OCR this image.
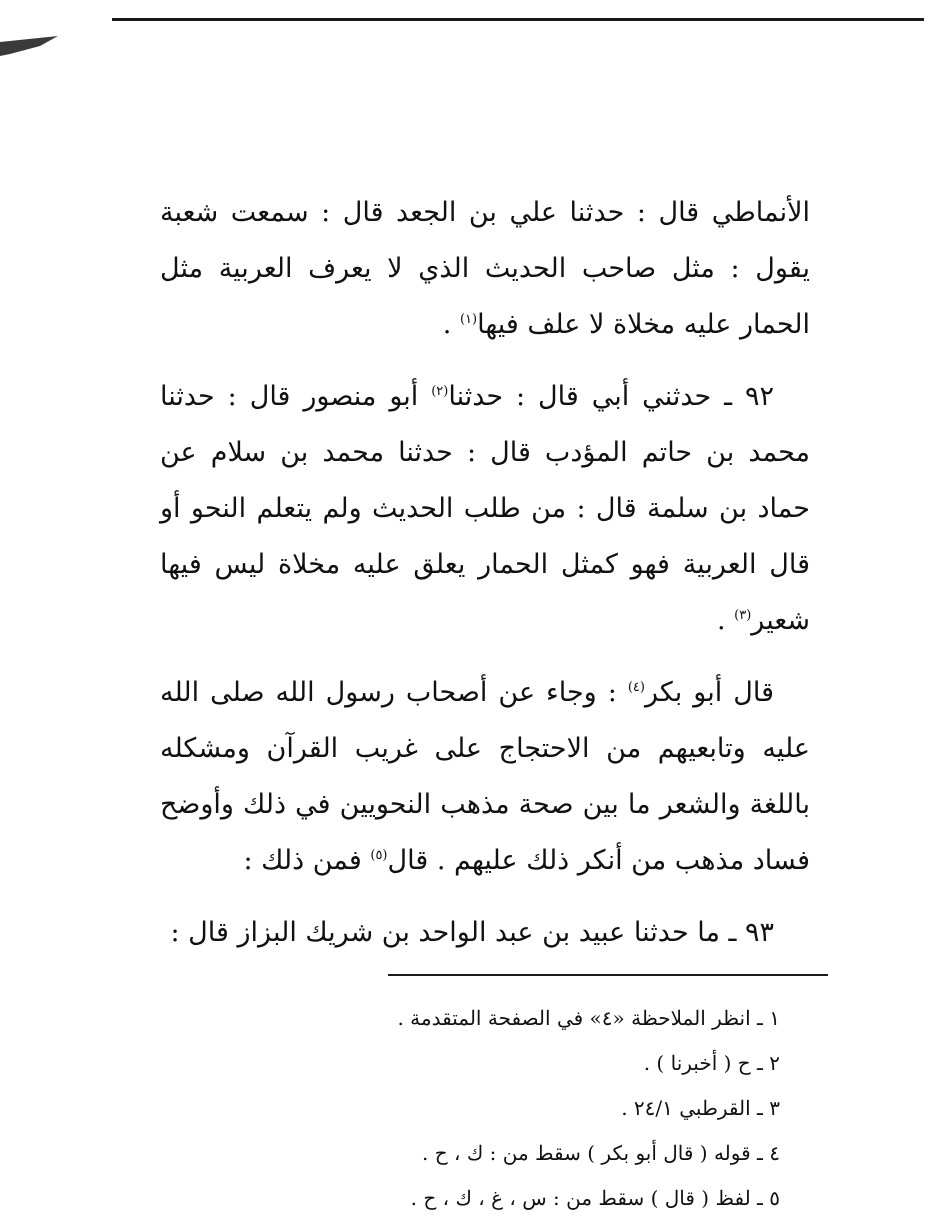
الأنماطي قال : حدثنا علي بن الجعد قال : سمعت شعبة يقول : مثل صاحب الحديث الذي لا يعرف العربية مثل الحمار عليه مخلاة لا علف فيها$^{(١)}$ .

٩٢ ـ حدثني أبي قال : حدثنا$^{(٢)}$ أبو منصور قال : حدثنا محمد بن حاتم المؤدب قال : حدثنا محمد بن سلام عن حماد بن سلمة قال : من طلب الحديث ولم يتعلم النحو أو قال العربية فهو كمثل الحمار يعلق عليه مخلاة ليس فيها شعير$^{(٣)}$ .

قال أبو بكر$^{(٤)}$ : وجاء عن أصحاب رسول الله صلى الله عليه وتابعيهم من الاحتجاج على غريب القرآن ومشكله باللغة والشعر ما بين صحة مذهب النحويين في ذلك وأوضح فساد مذهب من أنكر ذلك عليهم . قال$^{(٥)}$ فمن ذلك :

٩٣ ـ ما حدثنا عبيد بن عبد الواحد بن شريك البزاز قال :

١ ـ انظر الملاحظة «٤» في الصفحة المتقدمة .
٢ ـ ح ( أخبرنا ) .
٣ ـ القرطبي ٢٤/١ .
٤ ـ قوله ( قال أبو بكر ) سقط من : ك ، ح .
٥ ـ لفظ ( قال ) سقط من : س ، غ ، ك ، ح .
